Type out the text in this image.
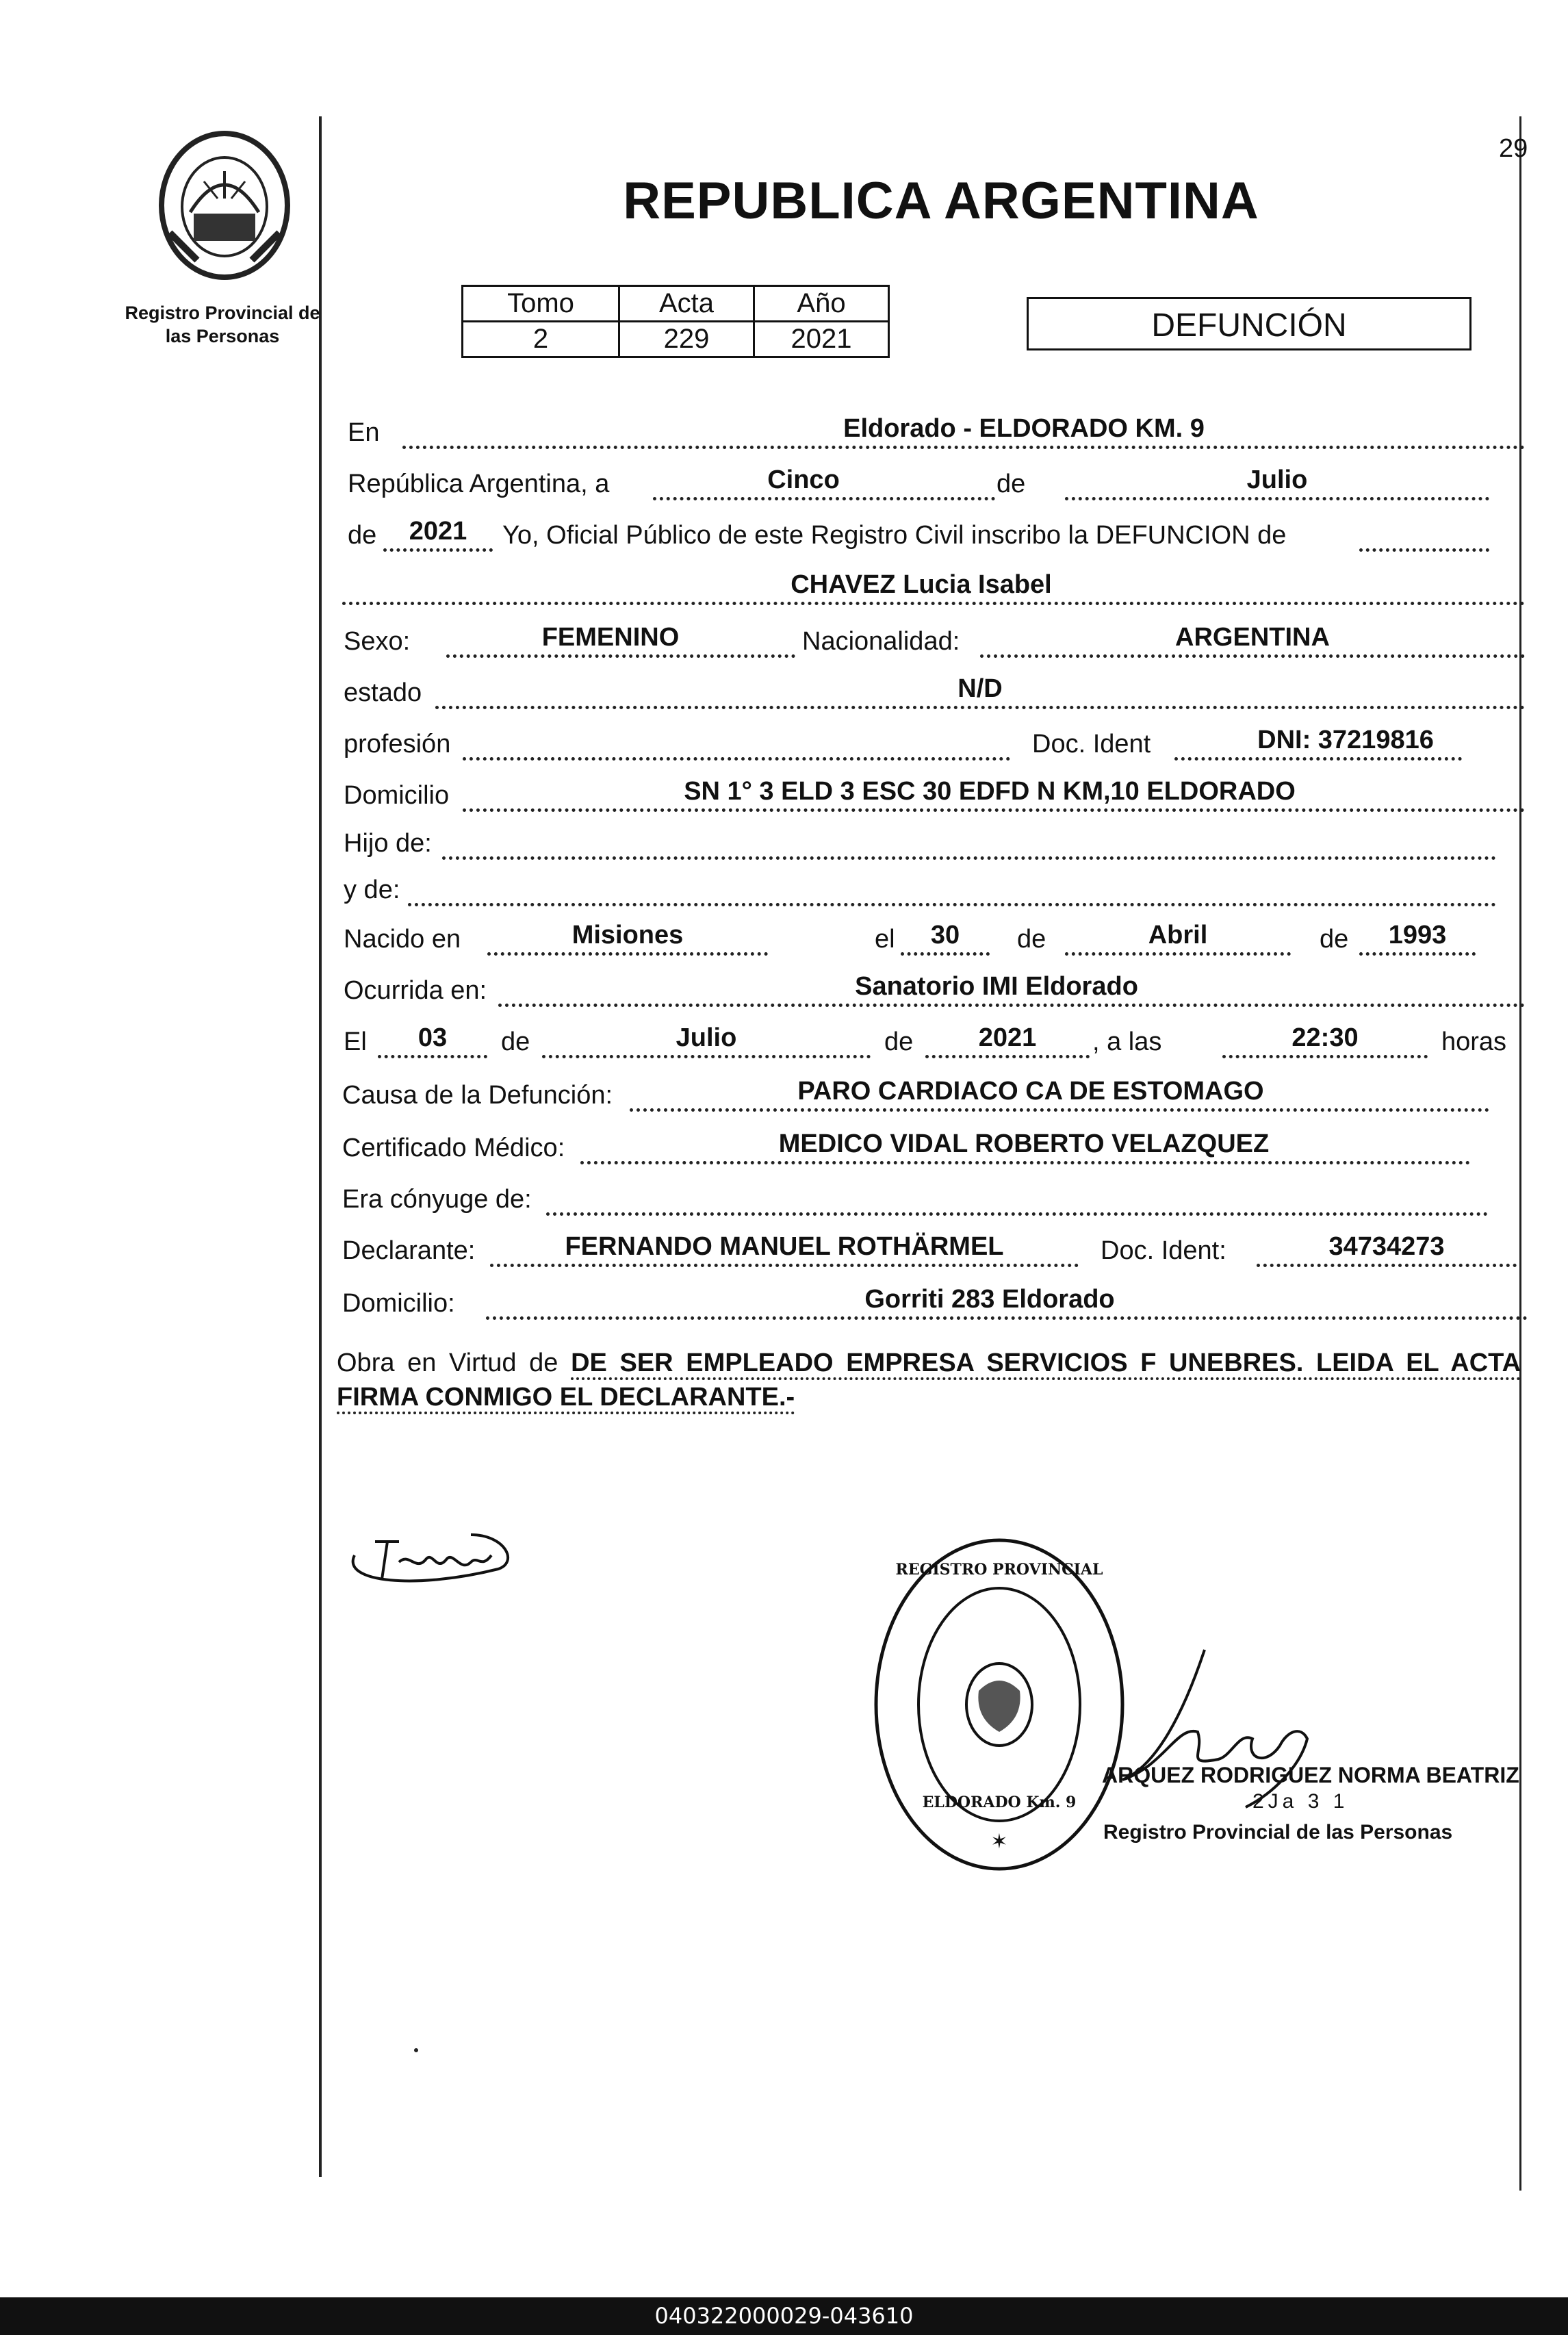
29
Registro Provincial de
las Personas
REPUBLICA ARGENTINA
Tomo	Acta	Año
2	229	2021	DEFUNCIÓN
En	Eldorado - ELDORADO KM. 9
República Argentina, a	Cinco	de	Julio
de	2021	Yo, Oficial Público de este Registro Civil inscribo la DEFUNCION de
CHAVEZ Lucia Isabel
Sexo:	FEMENINO	Nacionalidad:	ARGENTINA
estado	N/D
profesión	Doc. Ident	DNI: 37219816
Domicilio	SN 1° 3 ELD 3 ESC 30 EDFD N KM,10 ELDORADO
Hijo de:
y de:
Nacido en	Misiones	el	30	de	Abril	de	1993
Ocurrida en:	Sanatorio IMI Eldorado
El	03	de	Julio	de	2021	, a las	22:30	horas
Causa de la Defunción:	PARO CARDIACO CA DE ESTOMAGO
Certificado Médico:	MEDICO VIDAL ROBERTO VELAZQUEZ
Era cónyuge de:
Declarante:	FERNANDO MANUEL ROTHÄRMEL	Doc. Ident:	34734273
Domicilio:	Gorriti 283 Eldorado
Obra en Virtud de DE SER EMPLEADO EMPRESA SERVICIOS F UNEBRES. LEIDA EL ACTA FIRMA CONMIGO EL DECLARANTE.-
REGISTRO PROVINCIAL
ELDORADO Km. 9
✶
ARQUEZ RODRIGUEZ NORMA BEATRIZ
2Ja 3 1
Registro Provincial de las Personas
040322000029-043610
